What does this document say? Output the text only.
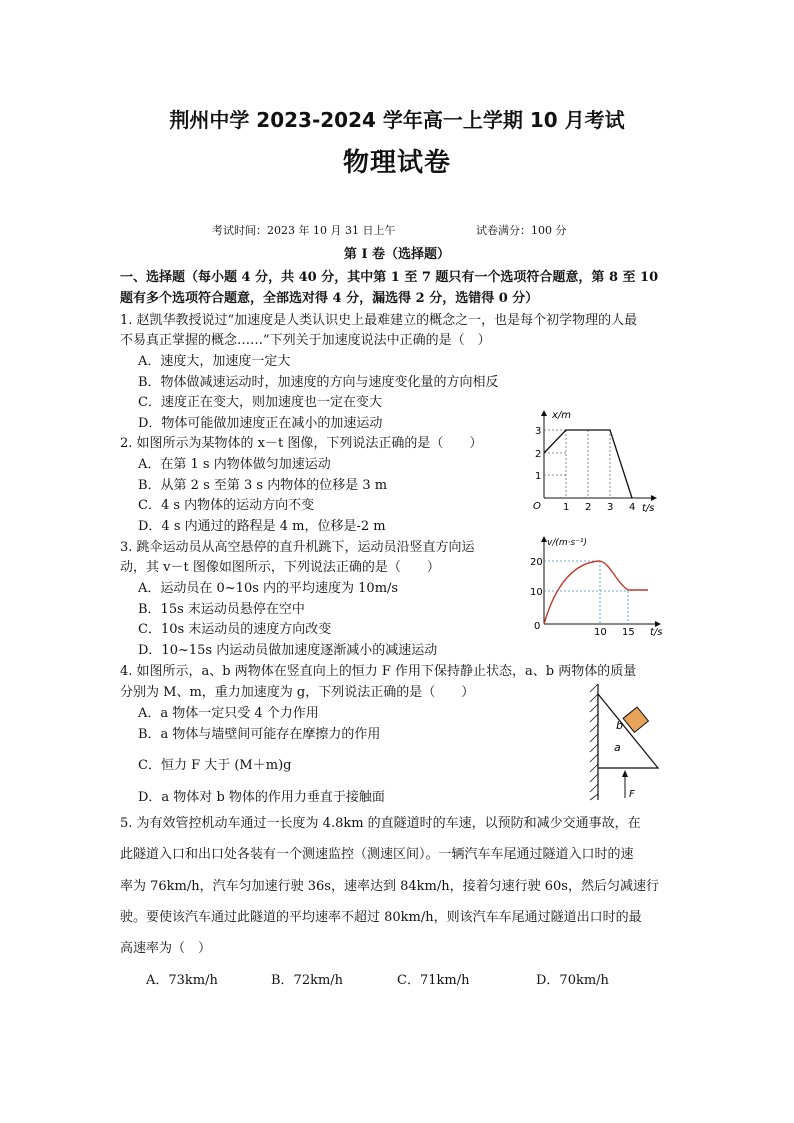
荆州中学 2023-2024 学年高一上学期 10 月考试
物理试卷
考试时间：2023 年 10 月 31 日上午	试卷满分：100 分
第 I 卷（选择题）
一、选择题（每小题 4 分，共 40 分，其中第 1 至 7 题只有一个选项符合题意，第 8 至 10
题有多个选项符合题意，全部选对得 4 分，漏选得 2 分，选错得 0 分）
1. 赵凯华教授说过“加速度是人类认识史上最难建立的概念之一，也是每个初学物理的人最
不易真正掌握的概念……”下列关于加速度说法中正确的是（　）
A．速度大，加速度一定大
B．物体做减速运动时，加速度的方向与速度变化量的方向相反
C．速度正在变大，则加速度也一定在变大
D．物体可能做加速度正在减小的加速运动
2. 如图所示为某物体的 x－t 图像，下列说法正确的是（　　）
A．在第 1 s 内物体做匀加速运动
B．从第 2 s 至第 3 s 内物体的位移是 3 m
C．4 s 内物体的运动方向不变
D．4 s 内通过的路程是 4 m，位移是-2 m
x/m
t/s
O 1 2 3 4
1
2
3
3. 跳伞运动员从高空悬停的直升机跳下，运动员沿竖直方向运
动，其 v－t 图像如图所示，下列说法正确的是（　　）
A．运动员在 0~10s 内的平均速度为 10m/s
B．15s 末运动员悬停在空中
C．10s 末运动员的速度方向改变
D．10~15s 内运动员做加速度逐渐减小的减速运动
v/(m·s⁻¹)
t/s
0
10 15
10
20
4. 如图所示，a、b 两物体在竖直向上的恒力 F 作用下保持静止状态，a、b 两物体的质量
分别为 M、m，重力加速度为 g，下列说法正确的是（　　）
A．a 物体一定只受 4 个力作用
B．a 物体与墙壁间可能存在摩擦力的作用
C．恒力 F 大于 (M＋m)g
D．a 物体对 b 物体的作用力垂直于接触面
b
a
F
5. 为有效管控机动车通过一长度为 4.8km 的直隧道时的车速，以预防和减少交通事故，在
此隧道入口和出口处各装有一个测速监控（测速区间）。一辆汽车车尾通过隧道入口时的速
率为 76km/h，汽车匀加速行驶 36s，速率达到 84km/h，接着匀速行驶 60s，然后匀减速行
驶。要使该汽车通过此隧道的平均速率不超过 80km/h，则该汽车车尾通过隧道出口时的最
高速率为（　）
A．73km/h	B．72km/h	C．71km/h	D．70km/h
